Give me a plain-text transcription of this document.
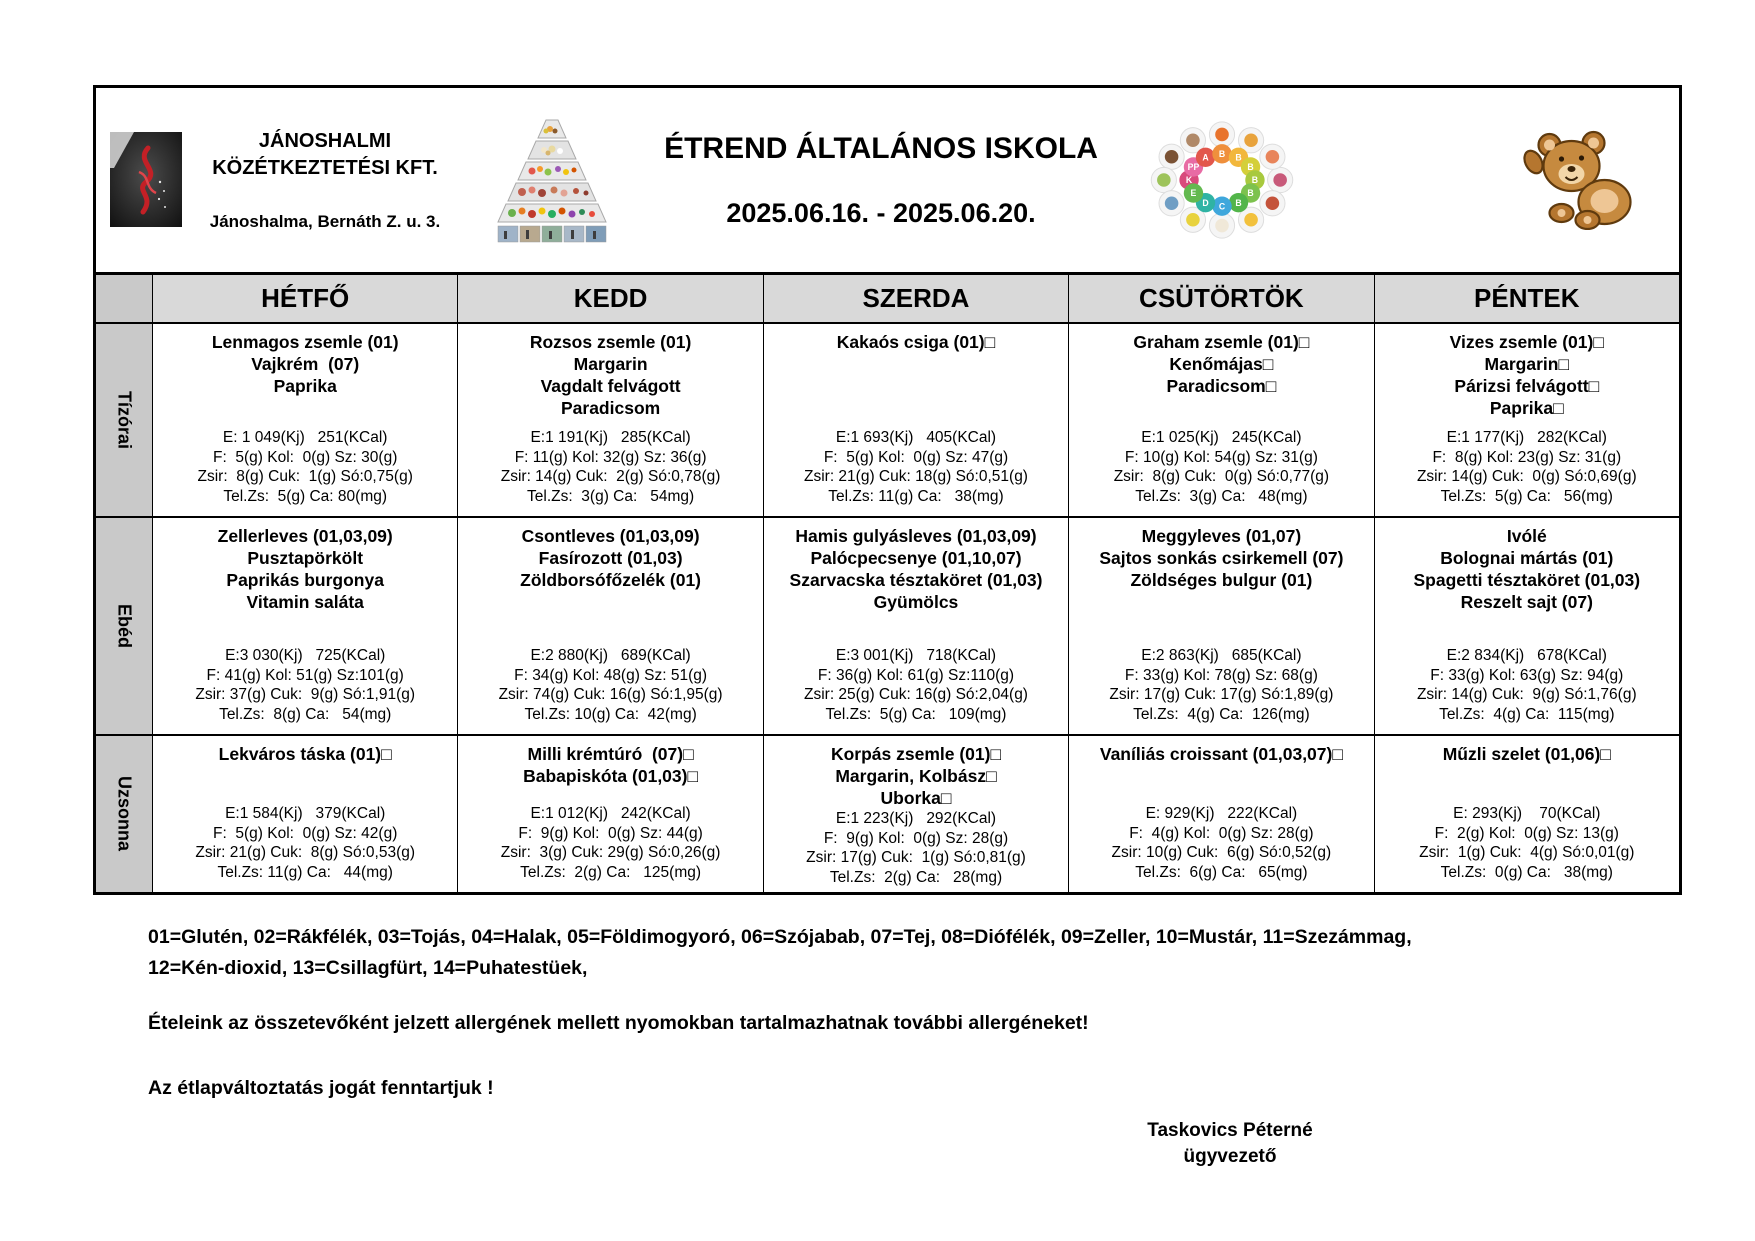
JÁNOSHALMI
KÖZÉTKEZTETÉSI KFT.
Jánoshalma, Bernáth Z. u. 3.
ÉTREND ÁLTALÁNOS ISKOLA
2025.06.16. - 2025.06.20.
K
PP
A B B
B
B
B
B
C
D
E
HÉTFŐ	KEDD	SZERDA	CSÜTÖRTÖK	PÉNTEK
Tízórai
Lenmagos zsemle (01)
Vajkrém  (07)
Paprika
E: 1 049(Kj)   251(KCal)
F:  5(g) Kol:  0(g) Sz: 30(g)
Zsir:  8(g) Cuk:  1(g) Só:0,75(g)
Tel.Zs:  5(g) Ca: 80(mg)
Rozsos zsemle (01)
Margarin
Vagdalt felvágott
Paradicsom
E:1 191(Kj)   285(KCal)
F: 11(g) Kol: 32(g) Sz: 36(g)
Zsir: 14(g) Cuk:  2(g) Só:0,78(g)
Tel.Zs:  3(g) Ca:   54mg)
Kakaós csiga (01)□
E:1 693(Kj)   405(KCal)
F:  5(g) Kol:  0(g) Sz: 47(g)
Zsir: 21(g) Cuk: 18(g) Só:0,51(g)
Tel.Zs: 11(g) Ca:   38(mg)
Graham zsemle (01)□
Kenőmájas□
Paradicsom□
E:1 025(Kj)   245(KCal)
F: 10(g) Kol: 54(g) Sz: 31(g)
Zsir:  8(g) Cuk:  0(g) Só:0,77(g)
Tel.Zs:  3(g) Ca:   48(mg)
Vizes zsemle (01)□
Margarin□
Párizsi felvágott□
Paprika□
E:1 177(Kj)   282(KCal)
F:  8(g) Kol: 23(g) Sz: 31(g)
Zsir: 14(g) Cuk:  0(g) Só:0,69(g)
Tel.Zs:  5(g) Ca:   56(mg)
Ebéd
Zellerleves (01,03,09)
Pusztapörkölt
Paprikás burgonya
Vitamin saláta
E:3 030(Kj)   725(KCal)
F: 41(g) Kol: 51(g) Sz:101(g)
Zsir: 37(g) Cuk:  9(g) Só:1,91(g)
Tel.Zs:  8(g) Ca:   54(mg)
Csontleves (01,03,09)
Fasírozott (01,03)
Zöldborsófőzelék (01)
E:2 880(Kj)   689(KCal)
F: 34(g) Kol: 48(g) Sz: 51(g)
Zsir: 74(g) Cuk: 16(g) Só:1,95(g)
Tel.Zs: 10(g) Ca:  42(mg)
Hamis gulyásleves (01,03,09)
Palócpecsenye (01,10,07)
Szarvacska tésztaköret (01,03)
Gyümölcs
E:3 001(Kj)   718(KCal)
F: 36(g) Kol: 61(g) Sz:110(g)
Zsir: 25(g) Cuk: 16(g) Só:2,04(g)
Tel.Zs:  5(g) Ca:   109(mg)
Meggyleves (01,07)
Sajtos sonkás csirkemell (07)
Zöldséges bulgur (01)
E:2 863(Kj)   685(KCal)
F: 33(g) Kol: 78(g) Sz: 68(g)
Zsir: 17(g) Cuk: 17(g) Só:1,89(g)
Tel.Zs:  4(g) Ca:  126(mg)
Ivólé
Bolognai mártás (01)
Spagetti tésztaköret (01,03)
Reszelt sajt (07)
E:2 834(Kj)   678(KCal)
F: 33(g) Kol: 63(g) Sz: 94(g)
Zsir: 14(g) Cuk:  9(g) Só:1,76(g)
Tel.Zs:  4(g) Ca:  115(mg)
Uzsonna
Lekváros táska (01)□
E:1 584(Kj)   379(KCal)
F:  5(g) Kol:  0(g) Sz: 42(g)
Zsir: 21(g) Cuk:  8(g) Só:0,53(g)
Tel.Zs: 11(g) Ca:   44(mg)
Milli krémtúró  (07)□
Babapiskóta (01,03)□
E:1 012(Kj)   242(KCal)
F:  9(g) Kol:  0(g) Sz: 44(g)
Zsir:  3(g) Cuk: 29(g) Só:0,26(g)
Tel.Zs:  2(g) Ca:   125(mg)
Korpás zsemle (01)□
Margarin, Kolbász□
Uborka□
E:1 223(Kj)   292(KCal)
F:  9(g) Kol:  0(g) Sz: 28(g)
Zsir: 17(g) Cuk:  1(g) Só:0,81(g)
Tel.Zs:  2(g) Ca:   28(mg)
Vaníliás croissant (01,03,07)□
E: 929(Kj)   222(KCal)
F:  4(g) Kol:  0(g) Sz: 28(g)
Zsir: 10(g) Cuk:  6(g) Só:0,52(g)
Tel.Zs:  6(g) Ca:   65(mg)
Műzli szelet (01,06)□
E: 293(Kj)    70(KCal)
F:  2(g) Kol:  0(g) Sz: 13(g)
Zsir:  1(g) Cuk:  4(g) Só:0,01(g)
Tel.Zs:  0(g) Ca:   38(mg)
01=Glutén, 02=Rákfélék, 03=Tojás, 04=Halak, 05=Földimogyoró, 06=Szójabab, 07=Tej, 08=Diófélék, 09=Zeller, 10=Mustár, 11=Szezámmag,
12=Kén-dioxid, 13=Csillagfürt, 14=Puhatestüek,
Ételeink az összetevőként jelzett allergének mellett nyomokban tartalmazhatnak további allergéneket!
Az étlapváltoztatás jogát fenntartjuk !
Taskovics Péterné
ügyvezető
